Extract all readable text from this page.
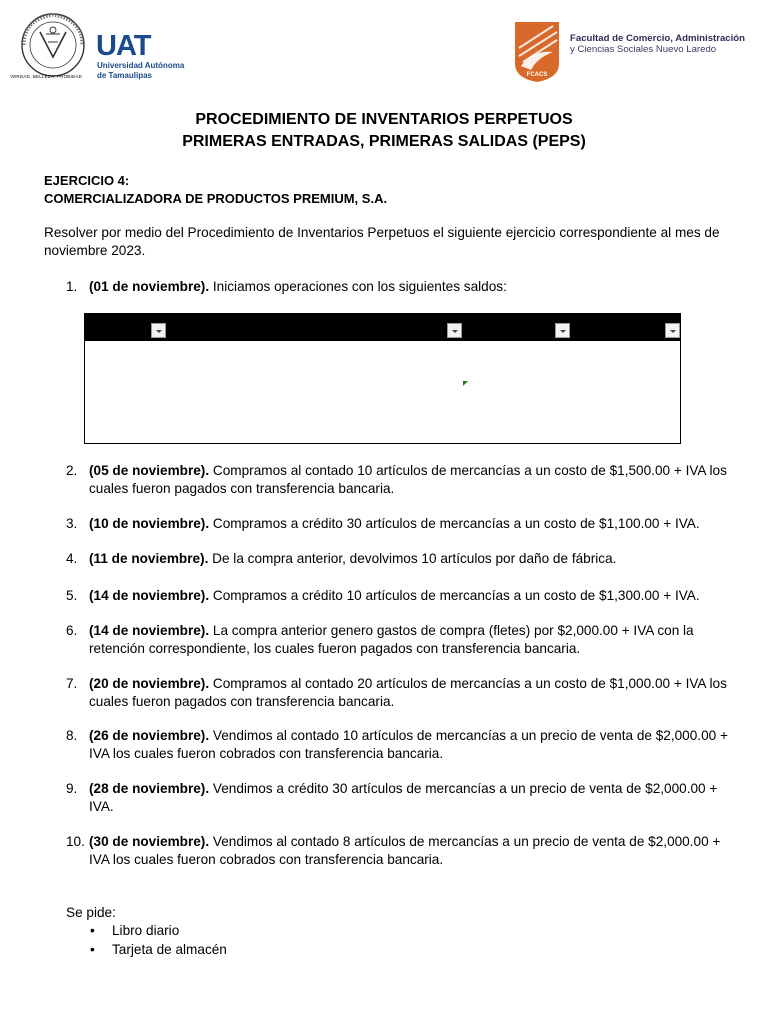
VERDAD, BELLEZA, PROBIDAD
UAT
Universidad Autónoma
de Tamaulipas	FCACS
Facultad de Comercio, Administración
y Ciencias Sociales Nuevo Laredo
PROCEDIMIENTO DE INVENTARIOS PERPETUOS
PRIMERAS ENTRADAS, PRIMERAS SALIDAS (PEPS)
EJERCICIO 4:
COMERCIALIZADORA DE PRODUCTOS PREMIUM, S.A.
Resolver por medio del Procedimiento de Inventarios Perpetuos el siguiente ejercicio correspondiente al mes de noviembre 2023.
1. (01 de noviembre). Iniciamos operaciones con los siguientes saldos:
2. (05 de noviembre). Compramos al contado 10 artículos de mercancías a un costo de $1,500.00 + IVA los cuales fueron pagados con transferencia bancaria.
3. (10 de noviembre). Compramos a crédito 30 artículos de mercancías a un costo de $1,100.00 + IVA.
4. (11 de noviembre). De la compra anterior, devolvimos 10 artículos por daño de fábrica.
5. (14 de noviembre). Compramos a crédito 10 artículos de mercancías a un costo de $1,300.00 + IVA.
6. (14 de noviembre). La compra anterior genero gastos de compra (fletes) por $2,000.00 + IVA con la retención correspondiente, los cuales fueron pagados con transferencia bancaria.
7. (20 de noviembre). Compramos al contado 20 artículos de mercancías a un costo de $1,000.00 + IVA los cuales fueron pagados con transferencia bancaria.
8. (26 de noviembre). Vendimos al contado 10 artículos de mercancías a un precio de venta de $2,000.00 + IVA los cuales fueron cobrados con transferencia bancaria.
9. (28 de noviembre). Vendimos a crédito 30 artículos de mercancías a un precio de venta de $2,000.00 + IVA.
10. (30 de noviembre). Vendimos al contado 8 artículos de mercancías a un precio de venta de $2,000.00 + IVA los cuales fueron cobrados con transferencia bancaria.
Se pide:
• Libro diario
• Tarjeta de almacén
